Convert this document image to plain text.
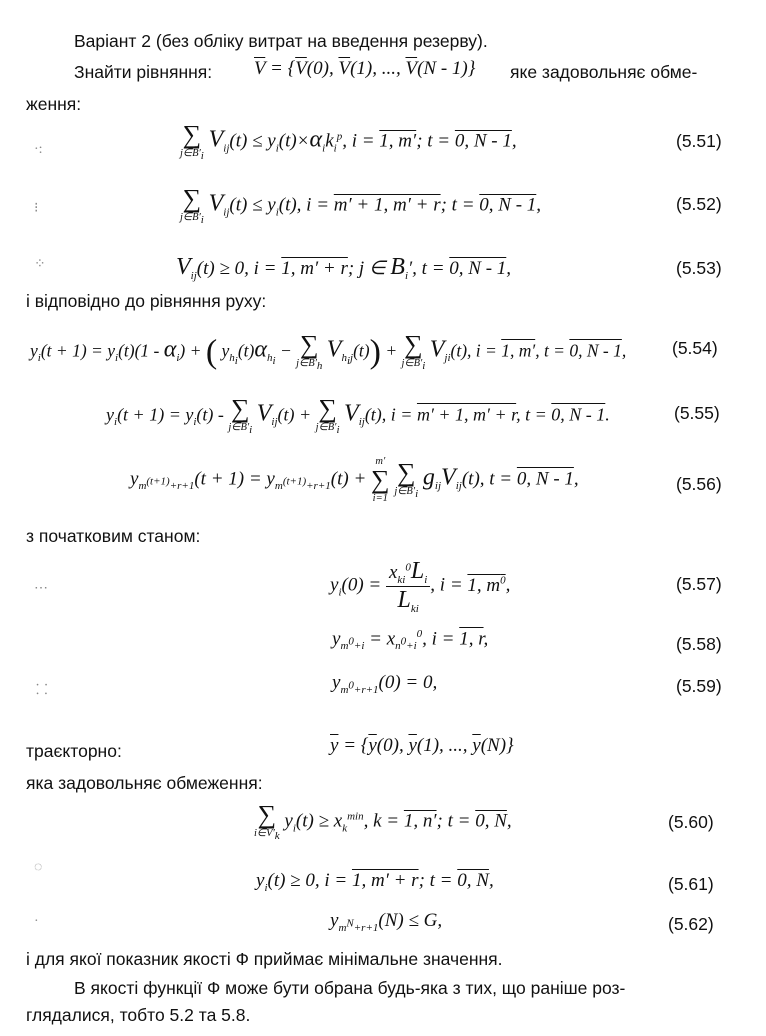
Варіант 2 (без обліку витрат на введення резерву).
Знайти рівняння: $\overline{V} = \{\overline{V}(0)$, $\overline{V}(1)$, ..., $\overline{V}(N - 1)$} яке задовольняє обме-
ження:
∑
$j\in B'_i$
$V_{ij}(t) \le y_i(t)\times\alpha_ik_i^p$, i = 1, m′; t = 0, N - 1,	(5.51)
∑
$j\in B'_i$
$V_{ij}(t) \le y_i(t)$, i = m′ + 1, m′ + r; t = 0, N - 1,	(5.52)
$V_{ij}(t) \ge 0$, i = 1, m′ + r; j ∈ $B_i'$, t = 0, N - 1,	(5.53)
і відповідно до рівняння руху:
$y_i(t + 1) = y_i(t)(1 - \alpha_i)$ + ( $y_{h_i}(t)\alpha_{h_i}$ − ∑
$j\in B'_h$
$V_{h_ij}(t)$) + ∑
$j\in B'_i$
$V_{ji}(t)$, i = 1, m′, t = 0, N - 1,	(5.54)
$y_i(t + 1) = y_i(t)$ - ∑
$j\in B'_i$
$V_{ij}(t)$ + ∑
$j\in B'_i$
$V_{ij}(t)$, i = m′ + 1, m′ + r, t = 0, N - 1.	(5.55)
$y_{m^{(t+1)}+r+1}(t + 1) = y_{m^{(t+1)}+r+1}(t)$ +
m′
∑
i=1

∑
$j\in B'_i$
$g_{ij}V_{ij}(t)$, t = 0, N - 1,	(5.56)
з початковим станом:
$y_i(0) = \frac{x_{ki}^0L_i}{L_{ki}}$ , i = 1, $m^0$,	(5.57)
$y_{m^0+i} = x_{n^0+i}^0$, i = 1, r,	(5.58)
$y_{m^0+r+1}(0) = 0$,	(5.59)
траєкторно:	$\overline{y} = \{\overline{y}(0)$, $\overline{y}(1)$, ..., $\overline{y}(N)$}
яка задовольняє обмеження:
∑
$i\in V'_k$
$y_i(t) \ge x_k^{min}$, k = 1, n′; t = 0, N,	(5.60)
$y_i(t) \ge 0$, i = 1, m′ + r; t = 0, N,	(5.61)
$y_{m^N+r+1}(N) \le G$,	(5.62)
і для якої показник якості Ф приймає мінімальне значення.
В якості функції Ф може бути обрана будь-яка з тих, що раніше роз-
глядалися, тобто 5.2 та 5.8.
·:
⁝
⁘
⋯
⸬
◌
·
